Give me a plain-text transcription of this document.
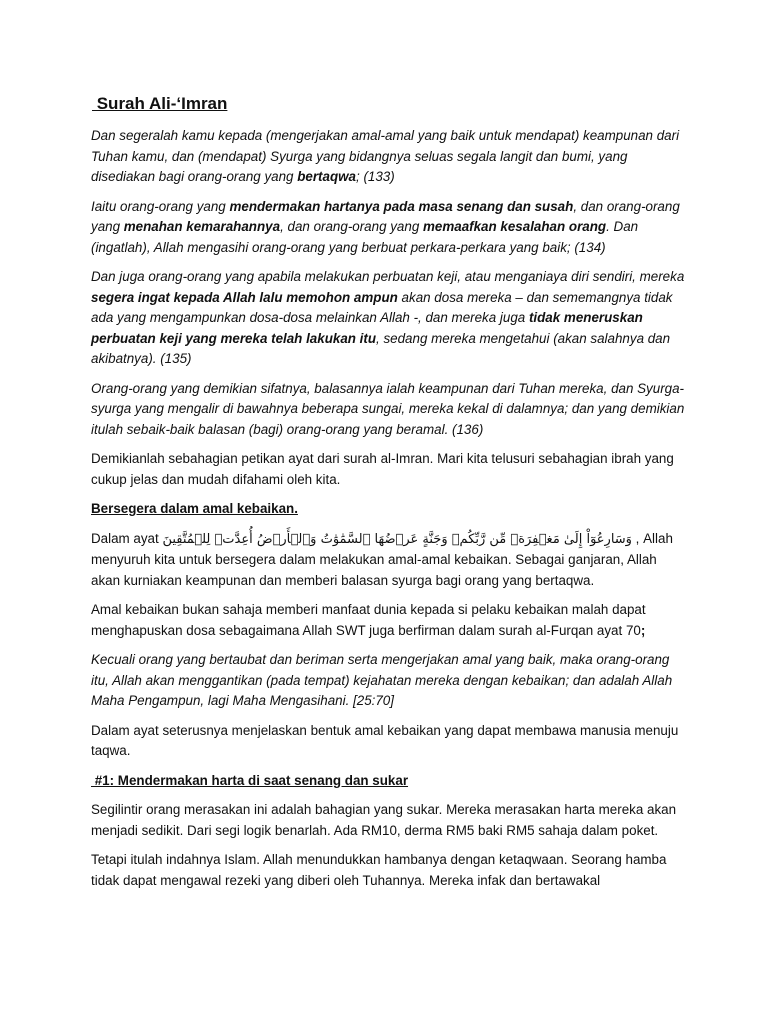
Surah Ali-‘Imran

Dan segeralah kamu kepada (mengerjakan amal-amal yang baik untuk mendapat) keampunan dari Tuhan kamu, dan (mendapat) Syurga yang bidangnya seluas segala langit dan bumi, yang disediakan bagi orang-orang yang bertaqwa; (133)

Iaitu orang-orang yang mendermakan hartanya pada masa senang dan susah, dan orang-orang yang menahan kemarahannya, dan orang-orang yang memaafkan kesalahan orang. Dan (ingatlah), Allah mengasihi orang-orang yang berbuat perkara-perkara yang baik; (134)

Dan juga orang-orang yang apabila melakukan perbuatan keji, atau menganiaya diri sendiri, mereka segera ingat kepada Allah lalu memohon ampun akan dosa mereka – dan sememangnya tidak ada yang mengampunkan dosa-dosa melainkan Allah -, dan mereka juga tidak meneruskan perbuatan keji yang mereka telah lakukan itu, sedang mereka mengetahui (akan salahnya dan akibatnya). (135)

Orang-orang yang demikian sifatnya, balasannya ialah keampunan dari Tuhan mereka, dan Syurga-syurga yang mengalir di bawahnya beberapa sungai, mereka kekal di dalamnya; dan yang demikian itulah sebaik-baik balasan (bagi) orang-orang yang beramal. (136)

Demikianlah sebahagian petikan ayat dari surah al-Imran. Mari kita telusuri sebahagian ibrah yang cukup jelas dan mudah difahami oleh kita.

Bersegera dalam amal kebaikan.

Dalam ayat وَسَارِعُوٓاْ إِلَىٰ مَغۡفِرَةٖ مِّن رَّبِّكُمۡ وَجَنَّةٍ عَرۡضُهَا ٱلسَّمَٰوَٰتُ وَٱلۡأَرۡضُ أُعِدَّتۡ لِلۡمُتَّقِينَ , Allah menyuruh kita untuk bersegera dalam melakukan amal-amal kebaikan. Sebagai ganjaran, Allah akan kurniakan keampunan dan memberi balasan syurga bagi orang yang bertaqwa.

Amal kebaikan bukan sahaja memberi manfaat dunia kepada si pelaku kebaikan malah dapat menghapuskan dosa sebagaimana Allah SWT juga berfirman dalam surah al-Furqan ayat 70;

Kecuali orang yang bertaubat dan beriman serta mengerjakan amal yang baik, maka orang-orang itu, Allah akan menggantikan (pada tempat) kejahatan mereka dengan kebaikan; dan adalah Allah Maha Pengampun, lagi Maha Mengasihani. [25:70]

Dalam ayat seterusnya menjelaskan bentuk amal kebaikan yang dapat membawa manusia menuju taqwa.

#1: Mendermakan harta di saat senang dan sukar

Segilintir orang merasakan ini adalah bahagian yang sukar. Mereka merasakan harta mereka akan menjadi sedikit. Dari segi logik benarlah. Ada RM10, derma RM5 baki RM5 sahaja dalam poket.

Tetapi itulah indahnya Islam. Allah menundukkan hambanya dengan ketaqwaan. Seorang hamba tidak dapat mengawal rezeki yang diberi oleh Tuhannya. Mereka infak dan bertawakal
